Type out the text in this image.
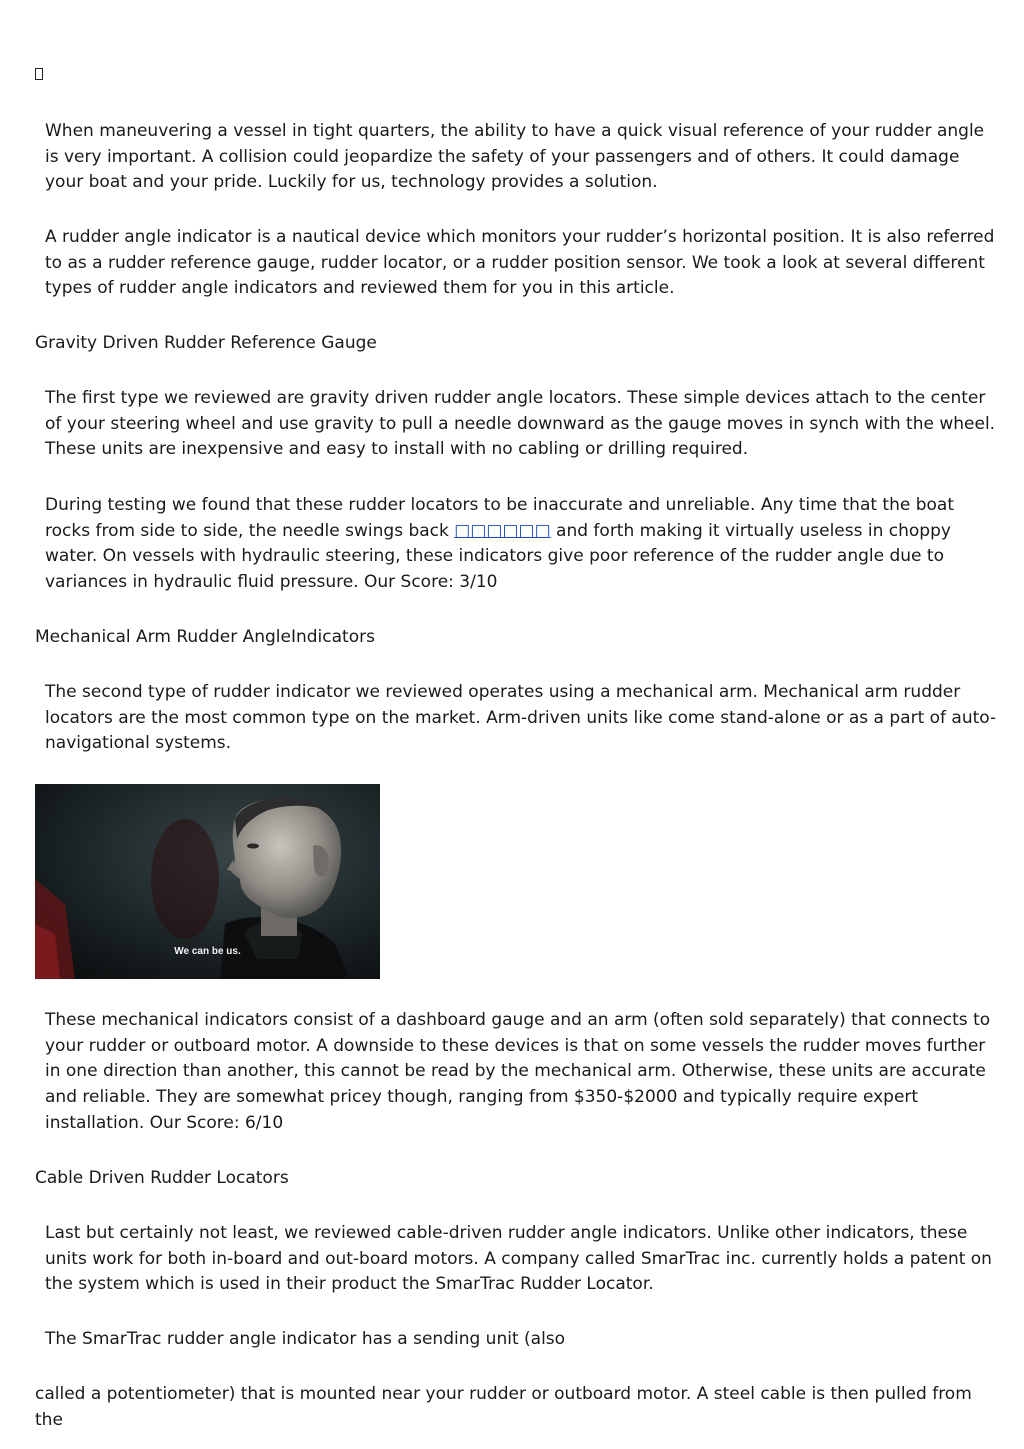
When maneuvering a vessel in tight quarters, the ability to have a quick visual reference of your rudder angle is very important. A collision could jeopardize the safety of your passengers and of others. It could damage your boat and your pride. Luckily for us, technology provides a solution.

A rudder angle indicator is a nautical device which monitors your rudder’s horizontal position. It is also referred to as a rudder reference gauge, rudder locator, or a rudder position sensor. We took a look at several different types of rudder angle indicators and reviewed them for you in this article.

Gravity Driven Rudder Reference Gauge

The first type we reviewed are gravity driven rudder angle locators. These simple devices attach to the center of your steering wheel and use gravity to pull a needle downward as the gauge moves in synch with the wheel. These units are inexpensive and easy to install with no cabling or drilling required.

During testing we found that these rudder locators to be inaccurate and unreliable. Any time that the boat rocks from side to side, the needle swings back □□□□□□ and forth making it virtually useless in choppy water. On vessels with hydraulic steering, these indicators give poor reference of the rudder angle due to variances in hydraulic fluid pressure. Our Score: 3/10

Mechanical Arm Rudder AngleIndicators

The second type of rudder indicator we reviewed operates using a mechanical arm. Mechanical arm rudder locators are the most common type on the market. Arm-driven units like come stand-alone or as a part of auto-navigational systems.

We can be us.

These mechanical indicators consist of a dashboard gauge and an arm (often sold separately) that connects to your rudder or outboard motor. A downside to these devices is that on some vessels the rudder moves further in one direction than another, this cannot be read by the mechanical arm. Otherwise, these units are accurate and reliable. They are somewhat pricey though, ranging from $350-$2000 and typically require expert installation. Our Score: 6/10

Cable Driven Rudder Locators

Last but certainly not least, we reviewed cable-driven rudder angle indicators. Unlike other indicators, these units work for both in-board and out-board motors. A company called SmarTrac inc. currently holds a patent on the system which is used in their product the SmarTrac Rudder Locator.

The SmarTrac rudder angle indicator has a sending unit (also

called a potentiometer) that is mounted near your rudder or outboard motor. A steel cable is then pulled from the
